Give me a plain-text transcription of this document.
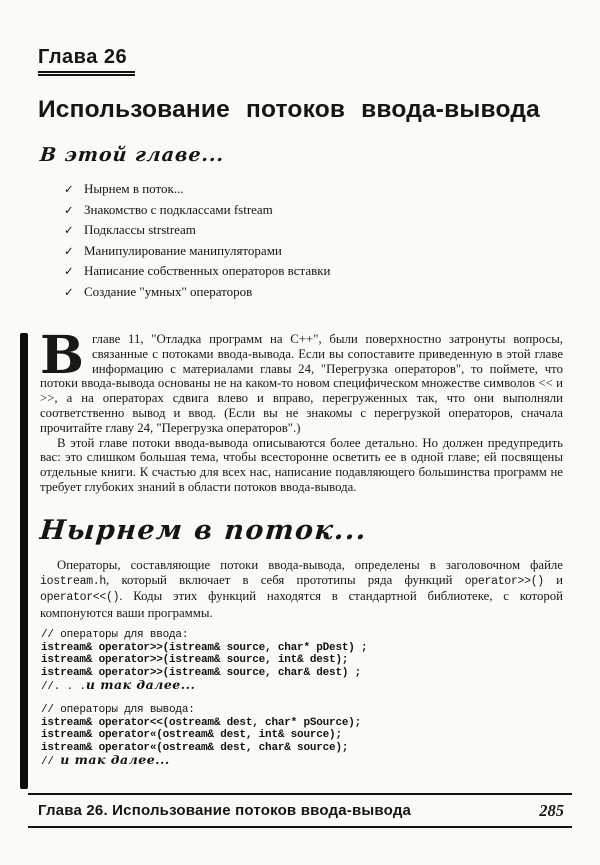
Глава 26
Использование потоков ввода-вывода
В этой главе...
✓ Нырнем в поток...
✓ Знакомство с подклассами fstream
✓ Подклассы strstream
✓ Манипулирование манипуляторами
✓ Написание собственных операторов вставки
✓ Создание "умных" операторов

Вглаве 11, "Отладка программ на C++", были поверхностно затронуты вопросы, связанные с потоками ввода-вывода. Если вы сопоставите приведенную в этой главе информацию с материалами главы 24, "Перегрузка операторов", то поймете, что потоки ввода-вывода основаны не на каком-то новом специфическом множестве символов << и >>, а на операторах сдвига влево и вправо, перегруженных так, что они выполняли соответственно вывод и ввод. (Если вы не знакомы с перегрузкой операторов, сначала прочитайте главу 24, "Перегрузка операторов".)

В этой главе потоки ввода-вывода описываются более детально. Но должен предупредить вас: это слишком большая тема, чтобы всесторонне осветить ее в одной главе; ей посвящены отдельные книги. К счастью для всех нас, написание подавляющего большинства программ не требует глубоких знаний в области потоков ввода-вывода.

Нырнем в поток...

Операторы, составляющие потоки ввода-вывода, определены в заголовочном файле iostream.h, который включает в себя прототипы ряда функций operator>>() и operator<<(). Коды этих функций находятся в стандартной библиотеке, с которой компонуются ваши программы.

// операторы для ввода:
istream& operator>>(istream& source, char* pDest) ;
istream& operator>>(istream& source, int& dest);
istream& operator>>(istream& source, char& dest) ;
//. . .и так далее...
// операторы для вывода:
istream& operator<<(ostream& dest, char* pSource);
istream& operator«(ostream& dest, int& source);
istream& operator«(ostream& dest, char& source);
// и так далее...
Глава 26. Использование потоков ввода-вывода	285
